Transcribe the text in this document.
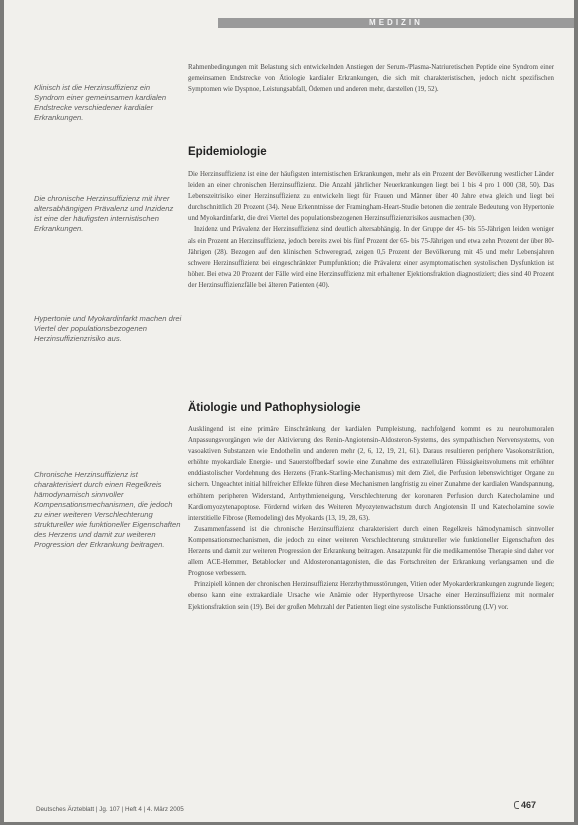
MEDIZIN
Klinisch ist die Herzinsuffizienz ein Syndrom einer gemeinsamen kardialen Endstrecke verschiedener kardialer Erkrankungen.
Die chronische Herzinsuffizienz mit ihrer altersabhängigen Prävalenz und Inzidenz ist eine der häufigsten internistischen Erkrankungen.
Hypertonie und Myokardinfarkt machen drei Viertel der populationsbezogenen Herzinsuffizienzrisiko aus.
Chronische Herzinsuffizienz ist charakterisiert durch einen Regelkreis hämodynamisch sinnvoller Kompensationsmechanismen, die jedoch zu einer weiteren Verschlechterung struktureller wie funktioneller Eigenschaften des Herzens und damit zur weiteren Progression der Erkrankung beitragen.

Rahmenbedingungen mit Belastung sich entwickelnden Anstiegen der Serum-/Plasma-Natriuretischen Peptide eine Syndrom einer gemeinsamen Endstrecke von Ätiologie kardialer Erkrankungen, die sich mit charakteristischen, jedoch nicht spezifischen Symptomen wie Dyspnoe, Leistungsabfall, Ödemen und anderen mehr, darstellen (19, 52).

Epidemiologie

Die Herzinsuffizienz ist eine der häufigsten internistischen Erkrankungen, mehr als ein Prozent der Bevölkerung westlicher Länder leiden an einer chronischen Herzinsuffizienz. Die Anzahl jährlicher Neuerkrankungen liegt bei 1 bis 4 pro 1 000 (38, 50). Das Lebenszeitrisiko einer Herzinsuffizienz zu entwickeln liegt für Frauen und Männer über 40 Jahre etwa gleich und liegt bei durchschnittlich 20 Prozent (34). Neue Erkenntnisse der Framingham-Heart-Studie betonen die zentrale Bedeutung von Hypertonie und Myokardinfarkt, die drei Viertel des populationsbezogenen Herzinsuffizienzrisikos ausmachen (30).

Inzidenz und Prävalenz der Herzinsuffizienz sind deutlich altersabhängig. In der Gruppe der 45- bis 55-Jährigen leiden weniger als ein Prozent an Herzinsuffizienz, jedoch bereits zwei bis fünf Prozent der 65- bis 75-Jährigen und etwa zehn Prozent der über 80-Jährigen (28). Bezogen auf den klinischen Schweregrad, zeigen 0,5 Prozent der Bevölkerung mit 45 und mehr Lebensjahren schwere Herzinsuffizienz bei eingeschränkter Pumpfunktion; die Prävalenz einer asymptomatischen systolischen Dysfunktion ist höher. Bei etwa 20 Prozent der Fälle wird eine Herzinsuffizienz mit erhaltener Ejektionsfraktion diagnostiziert; dies sind 40 Prozent der Herzinsuffizienzfälle bei älteren Patienten (40).

Ätiologie und Pathophysiologie

Ausklingend ist eine primäre Einschränkung der kardialen Pumpleistung, nachfolgend kommt es zu neurohumoralen Anpassungsvorgängen wie der Aktivierung des Renin-Angiotensin-Aldosteron-Systems, des sympathischen Nervensystems, von vasoaktiven Substanzen wie Endothelin und anderen mehr (2, 6, 12, 19, 21, 61). Daraus resultieren periphere Vasokonstriktion, erhöhte myokardiale Energie- und Sauerstoffbedarf sowie eine Zunahme des extrazellulären Flüssigkeitsvolumens mit erhöhter enddiastolischer Vordehnung des Herzens (Frank-Starling-Mechanismus) mit dem Ziel, die Perfusion lebenswichtiger Organe zu sichern. Ungeachtet initial hilfreicher Effekte führen diese Mechanismen langfristig zu einer Zunahme der kardialen Wandspannung, erhöhtem peripheren Widerstand, Arrhythmieneigung, Verschlechterung der koronaren Perfusion durch Katecholamine und Kardiomyozytenapoptose. Fördernd wirken des Weiteren Myozytenwachstum durch Angiotensin II und Katecholamine sowie interstitielle Fibrose (Remodeling) des Myokards (13, 19, 28, 63).

Zusammenfassend ist die chronische Herzinsuffizienz charakterisiert durch einen Regelkreis hämodynamisch sinnvoller Kompensationsmechanismen, die jedoch zu einer weiteren Verschlechterung struktureller wie funktioneller Eigenschaften des Herzens und damit zur weiteren Progression der Erkrankung beitragen. Ansatzpunkt für die medikamentöse Therapie sind daher vor allem ACE-Hemmer, Betablocker und Aldosteronantagonisten, die das Fortschreiten der Erkrankung verlangsamen und die Prognose verbessern.

Prinzipiell können der chronischen Herzinsuffizienz Herzrhythmusstörungen, Vitien oder Myokarderkrankungen zugrunde liegen; ebenso kann eine extrakardiale Ursache wie Anämie oder Hyperthyreose Ursache einer Herzinsuffizienz mit normaler Ejektionsfraktion sein (19). Bei der großen Mehrzahl der Patienten liegt eine systolische Funktionsstörung (LV) vor.

Deutsches Ärzteblatt | Jg. 107 | Heft 4 | 4. März 2005	467
